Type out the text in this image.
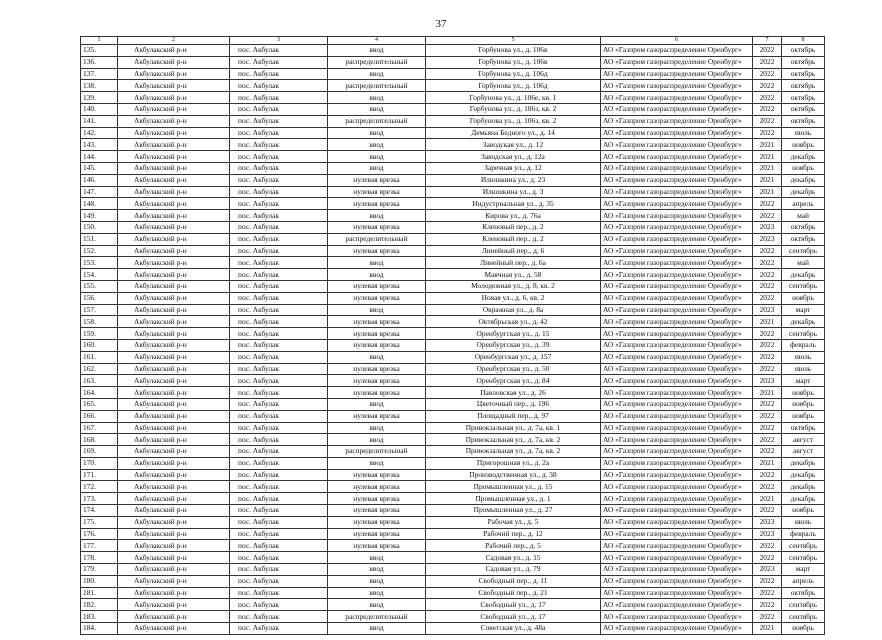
37
1	2	3	4	5	6	7	8
135.	Акбулакский р-н	пос. Акбулак	ввод	Горбунова ул., д. 106в	АО «Газпром газораспределение Оренбург»	2022	октябрь
136.	Акбулакский р-н	пос. Акбулак	распределительный	Горбунова ул., д. 106в	АО «Газпром газораспределение Оренбург»	2022	октябрь
137.	Акбулакский р-н	пос. Акбулак	ввод	Горбунова ул., д. 106д	АО «Газпром газораспределение Оренбург»	2022	октябрь
138.	Акбулакский р-н	пос. Акбулак	распределительный	Горбунова ул., д. 106д	АО «Газпром газораспределение Оренбург»	2022	октябрь
139.	Акбулакский р-н	пос. Акбулак	ввод	Горбунова ул., д. 106е, кв. 1	АО «Газпром газораспределение Оренбург»	2022	октябрь
140.	Акбулакский р-н	пос. Акбулак	ввод	Горбунова ул., д. 106з, кв. 2	АО «Газпром газораспределение Оренбург»	2022	октябрь
141.	Акбулакский р-н	пос. Акбулак	распределительный	Горбунова ул., д. 106з, кв. 2	АО «Газпром газораспределение Оренбург»	2022	октябрь
142.	Акбулакский р-н	пос. Акбулак	ввод	Демьяна Бедного ул., д. 14	АО «Газпром газораспределение Оренбург»	2022	июль
143.	Акбулакский р-н	пос. Акбулак	ввод	Заводская ул., д. 12	АО «Газпром газораспределение Оренбург»	2021	ноябрь
144.	Акбулакский р-н	пос. Акбулак	ввод	Заводская ул., д. 12а	АО «Газпром газораспределение Оренбург»	2021	декабрь
145.	Акбулакский р-н	пос. Акбулак	ввод	Заречная ул., д. 12	АО «Газпром газораспределение Оренбург»	2021	ноябрь
146.	Акбулакский р-н	пос. Акбулак	нулевая врезка	Илюшкина ул., д. 23	АО «Газпром газораспределение Оренбург»	2021	декабрь
147.	Акбулакский р-н	пос. Акбулак	нулевая врезка	Илюшкина ул., д. 3	АО «Газпром газораспределение Оренбург»	2021	декабрь
148.	Акбулакский р-н	пос. Акбулак	нулевая врезка	Индустриальная ул., д. 35	АО «Газпром газораспределение Оренбург»	2022	апрель
149.	Акбулакский р-н	пос. Акбулак	ввод	Кирова ул., д. 76а	АО «Газпром газораспределение Оренбург»	2022	май
150.	Акбулакский р-н	пос. Акбулак	нулевая врезка	Кленовый пер., д. 2	АО «Газпром газораспределение Оренбург»	2023	октябрь
151.	Акбулакский р-н	пос. Акбулак	распределительный	Кленовый пер., д. 2	АО «Газпром газораспределение Оренбург»	2023	октябрь
152.	Акбулакский р-н	пос. Акбулак	нулевая врезка	Линейный пер., д. 6	АО «Газпром газораспределение Оренбург»	2022	сентябрь
153.	Акбулакский р-н	пос. Акбулак	ввод	Линейный пер., д. 6а	АО «Газпром газораспределение Оренбург»	2022	май
154.	Акбулакский р-н	пос. Акбулак	ввод	Маячная ул., д. 58	АО «Газпром газораспределение Оренбург»	2022	декабрь
155.	Акбулакский р-н	пос. Акбулак	нулевая врезка	Молодежная ул., д. 8, кв. 2	АО «Газпром газораспределение Оренбург»	2022	сентябрь
156.	Акбулакский р-н	пос. Акбулак	нулевая врезка	Новая ул., д. 6, кв. 2	АО «Газпром газораспределение Оренбург»	2022	ноябрь
157.	Акбулакский р-н	пос. Акбулак	ввод	Овражная ул., д. 8а	АО «Газпром газораспределение Оренбург»	2023	март
158.	Акбулакский р-н	пос. Акбулак	нулевая врезка	Октябрьская ул., д. 42	АО «Газпром газораспределение Оренбург»	2021	декабрь
159.	Акбулакский р-н	пос. Акбулак	нулевая врезка	Оренбургская ул., д. 15	АО «Газпром газораспределение Оренбург»	2022	сентябрь
160.	Акбулакский р-н	пос. Акбулак	нулевая врезка	Оренбургская ул., д. 39	АО «Газпром газораспределение Оренбург»	2022	февраль
161.	Акбулакский р-н	пос. Акбулак	ввод	Оренбургская ул., д. 157	АО «Газпром газораспределение Оренбург»	2022	июль
162.	Акбулакский р-н	пос. Акбулак	нулевая врезка	Оренбургская ул., д. 50	АО «Газпром газораспределение Оренбург»	2022	июль
163.	Акбулакский р-н	пос. Акбулак	нулевая врезка	Оренбургская ул., д. 84	АО «Газпром газораспределение Оренбург»	2023	март
164.	Акбулакский р-н	пос. Акбулак	нулевая врезка	Павловская ул., д. 26	АО «Газпром газораспределение Оренбург»	2021	ноябрь
165.	Акбулакский р-н	пос. Акбулак	ввод	Цветочный пер., д. 196	АО «Газпром газораспределение Оренбург»	2022	ноябрь
166.	Акбулакский р-н	пос. Акбулак	нулевая врезка	Площадный пер., д. 97	АО «Газпром газораспределение Оренбург»	2022	ноябрь
167.	Акбулакский р-н	пос. Акбулак	ввод	Привокзальная ул., д. 7а, кв. 1	АО «Газпром газораспределение Оренбург»	2022	октябрь
168.	Акбулакский р-н	пос. Акбулак	ввод	Привокзальная ул., д. 7а, кв. 2	АО «Газпром газораспределение Оренбург»	2022	август
169.	Акбулакский р-н	пос. Акбулак	распределительный	Привокзальная ул., д. 7а, кв. 2	АО «Газпром газораспределение Оренбург»	2022	август
170.	Акбулакский р-н	пос. Акбулак	ввод	Пригорошная ул., д. 2а	АО «Газпром газораспределение Оренбург»	2021	декабрь
171.	Акбулакский р-н	пос. Акбулак	нулевая врезка	Производственная ул., д. 38	АО «Газпром газораспределение Оренбург»	2022	декабрь
172.	Акбулакский р-н	пос. Акбулак	нулевая врезка	Промышленная ул., д. 15	АО «Газпром газораспределение Оренбург»	2022	декабрь
173.	Акбулакский р-н	пос. Акбулак	нулевая врезка	Промышленная ул., д. 1	АО «Газпром газораспределение Оренбург»	2021	декабрь
174.	Акбулакский р-н	пос. Акбулак	нулевая врезка	Промышленная ул., д. 27	АО «Газпром газораспределение Оренбург»	2022	ноябрь
175.	Акбулакский р-н	пос. Акбулак	нулевая врезка	Рабочая ул., д. 5	АО «Газпром газораспределение Оренбург»	2023	июль
176.	Акбулакский р-н	пос. Акбулак	нулевая врезка	Рабочий пер., д. 12	АО «Газпром газораспределение Оренбург»	2023	февраль
177.	Акбулакский р-н	пос. Акбулак	нулевая врезка	Рабочий пер., д. 5	АО «Газпром газораспределение Оренбург»	2022	сентябрь
178.	Акбулакский р-н	пос. Акбулак	ввод	Садовая ул., д. 15	АО «Газпром газораспределение Оренбург»	2022	сентябрь
179.	Акбулакский р-н	пос. Акбулак	ввод	Садовая ул., д. 79	АО «Газпром газораспределение Оренбург»	2023	март
180.	Акбулакский р-н	пос. Акбулак	ввод	Свободный пер., д. 11	АО «Газпром газораспределение Оренбург»	2022	апрель
181.	Акбулакский р-н	пос. Акбулак	ввод	Свободный пер., д. 21	АО «Газпром газораспределение Оренбург»	2022	октябрь
182.	Акбулакский р-н	пос. Акбулак	ввод	Свободный ул., д. 17	АО «Газпром газораспределение Оренбург»	2022	сентябрь
183.	Акбулакский р-н	пос. Акбулак	распределительный	Свободный ул., д. 17	АО «Газпром газораспределение Оренбург»	2022	сентябрь
184.	Акбулакский р-н	пос. Акбулак	ввод	Советская ул., д. 48а	АО «Газпром газораспределение Оренбург»	2021	ноябрь
